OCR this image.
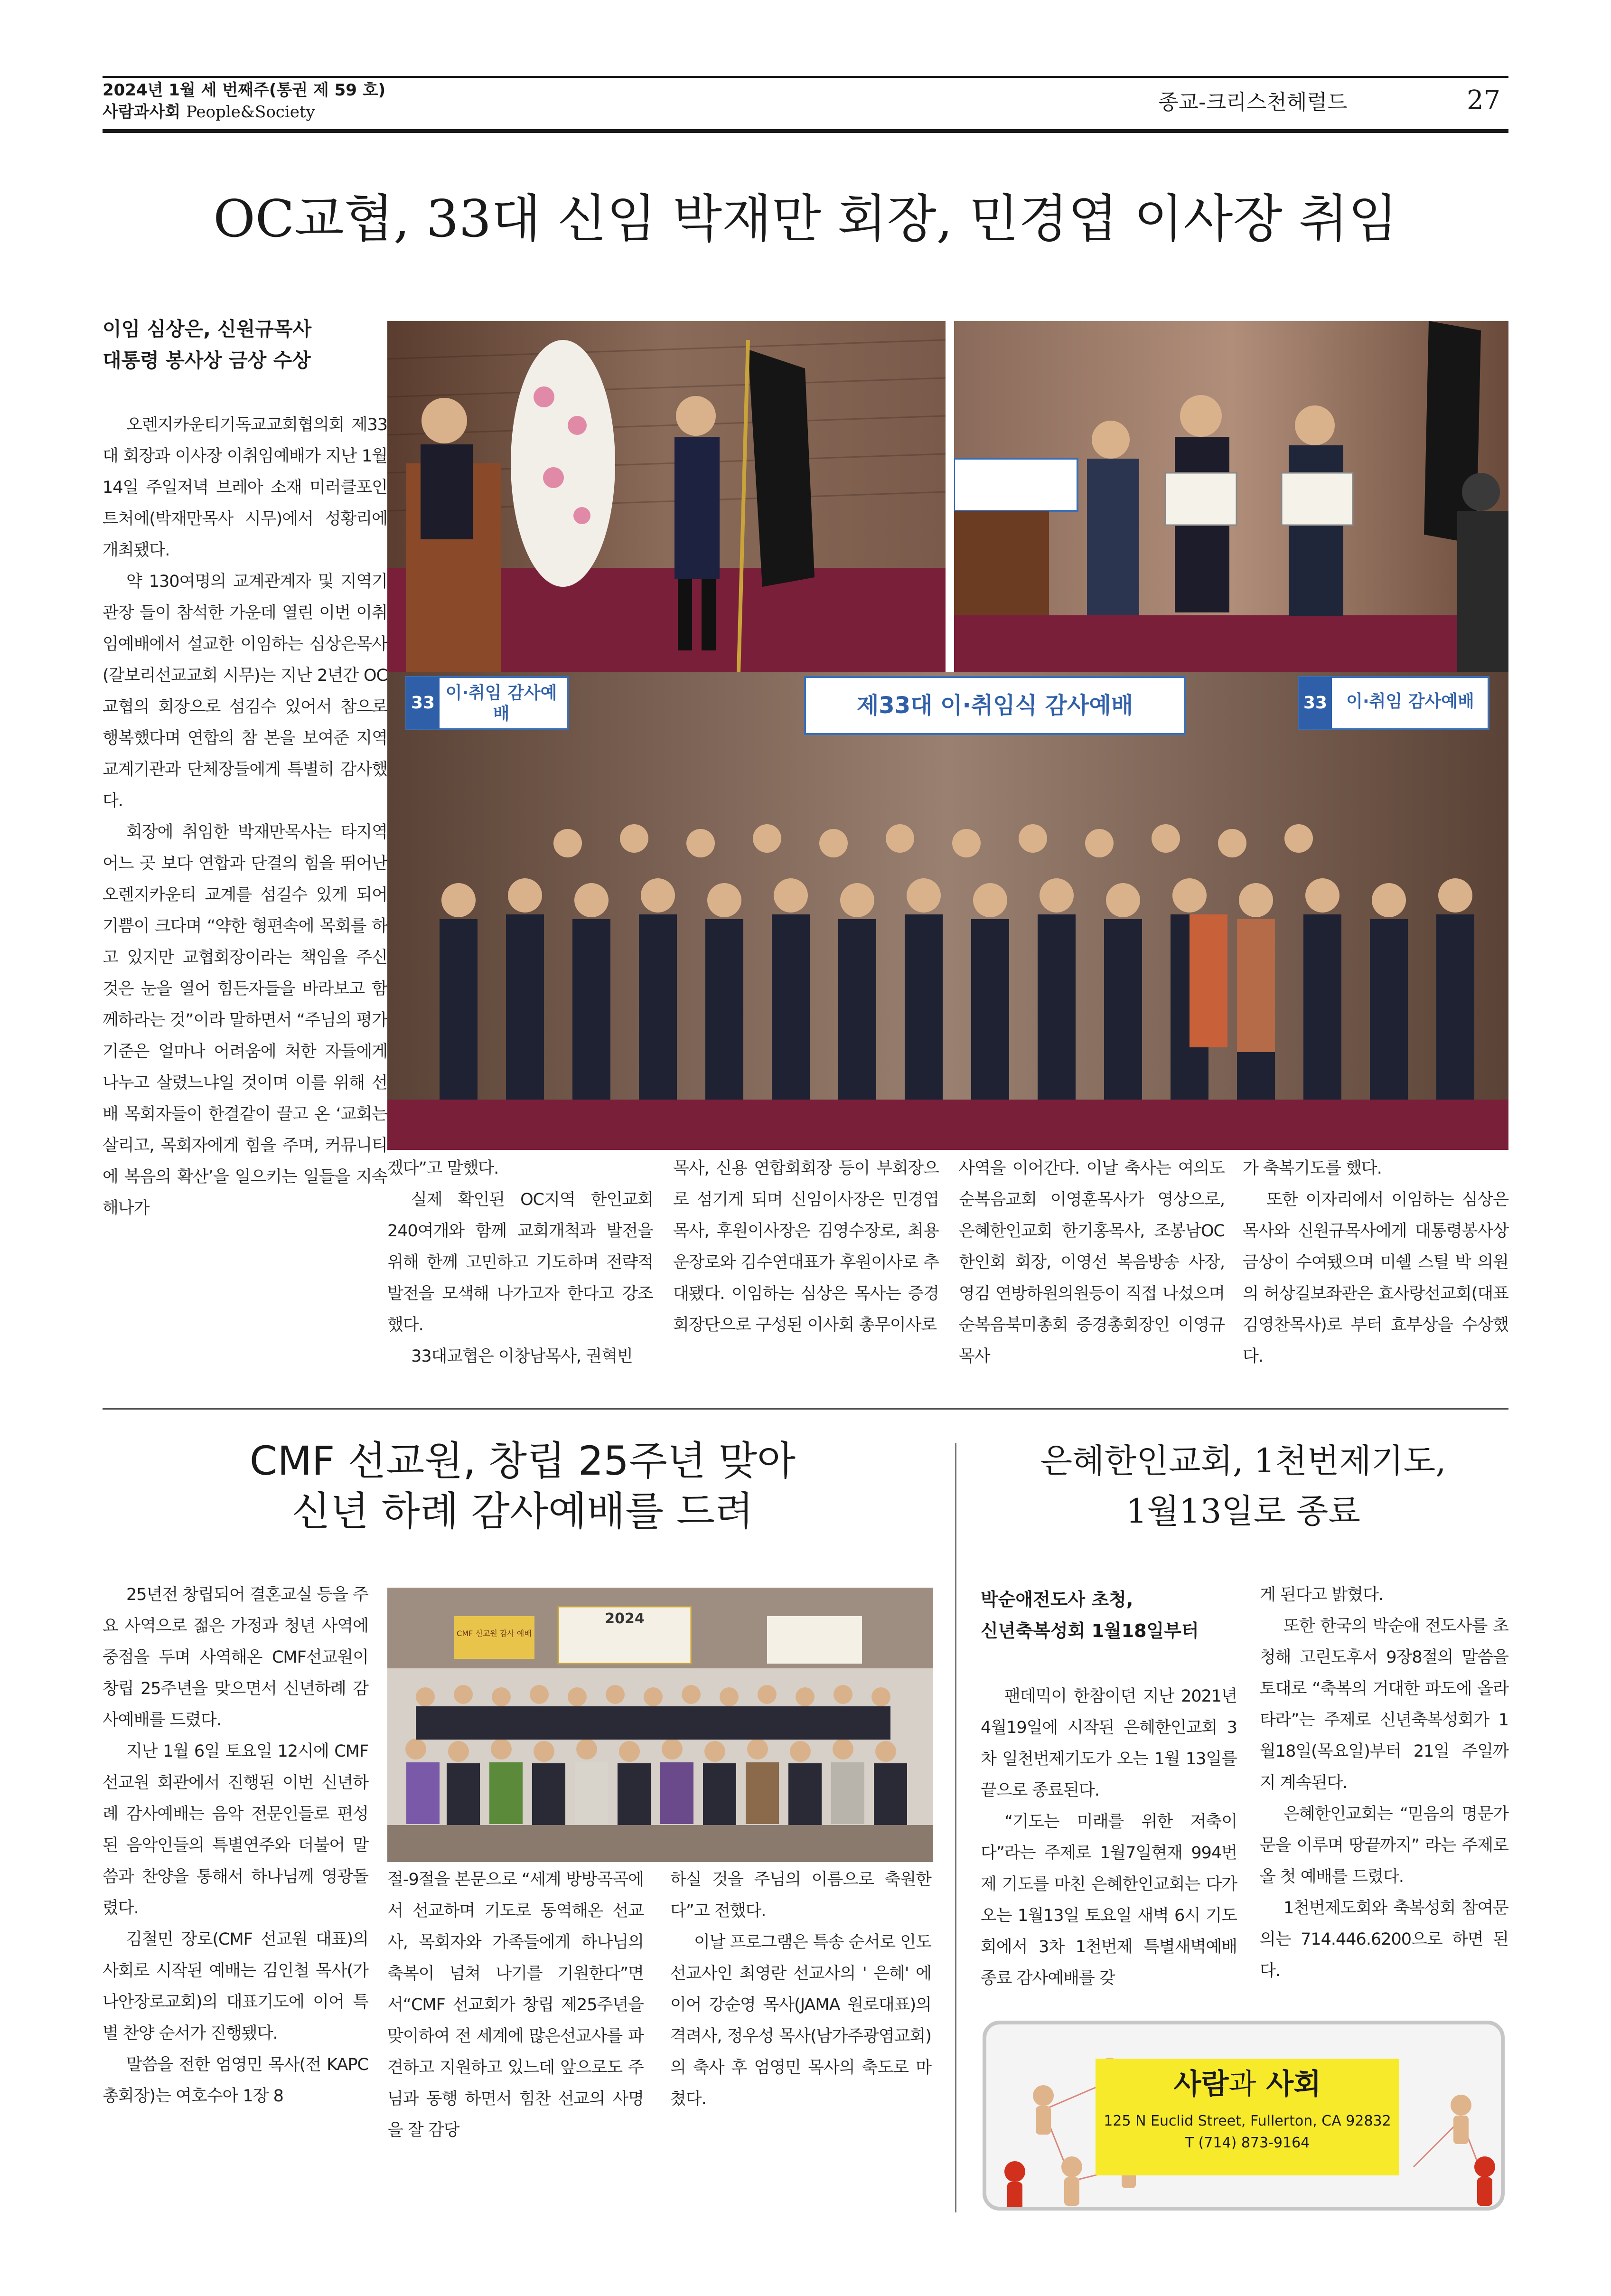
2024년 1월 세 번째주(통권 제 59 호)
사람과사회 People&Society	종교-크리스천헤럴드	27
OC교협, 33대 신임 박재만 회장, 민경엽 이사장 취임
이임 심상은, 신원규목사
대통령 봉사상 금상 수상

오렌지카운티기독교교회협의회 제33대 회장과 이사장 이취임예배가 지난 1월14일 주일저녁 브레아 소재 미러클포인트처에(박재만목사 시무)에서 성황리에 개최됐다.

약 130여명의 교계관계자 및 지역기관장 들이 참석한 가운데 열린 이번 이취임예배에서 설교한 이임하는 심상은목사(갈보리선교교회 시무)는 지난 2년간 OC교협의 회장으로 섬김수 있어서 참으로 행복했다며 연합의 참 본을 보여준 지역 교계기관과 단체장들에게 특별히 감사했다.

회장에 취임한 박재만목사는 타지역 어느 곳 보다 연합과 단결의 힘을 뛰어난 오렌지카운티 교계를 섬길수 있게 되어 기쁨이 크다며 “약한 형편속에 목회를 하고 있지만 교협회장이라는 책임을 주신 것은 눈을 열어 힘든자들을 바라보고 함께하라는 것”이라 말하면서 “주님의 평가기준은 얼마나 어려움에 처한 자들에게 나누고 살렸느냐일 것이며 이를 위해 선배 목회자들이 한결같이 끌고 온 ‘교회는 살리고, 목회자에게 힘을 주며, 커뮤니티에 복음의 확산’을 일으키는 일들을 지속해나가

이·취임 감사예배
33	제33대 이·취임식 감사예배	33	이·취임 감사예배

겠다”고 말했다.

실제 확인된 OC지역 한인교회 240여개와 함께 교회개척과 발전을 위해 한께 고민하고 기도하며 전략적 발전을 모색해 나가고자 한다고 강조했다.

33대교협은 이창남목사, 권혁빈

목사, 신용 연합회회장 등이 부회장으로 섬기게 되며 신임이사장은 민경엽 목사, 후원이사장은 김영수장로, 최용운장로와 김수연대표가 후원이사로 추대됐다. 이임하는 심상은 목사는 증경회장단으로 구성된 이사회 총무이사로

사역을 이어간다. 이날 축사는 여의도순복음교회 이영훈목사가 영상으로, 은혜한인교회 한기홍목사, 조봉남OC한인회 회장, 이영선 복음방송 사장, 영김 연방하원의원등이 직접 나섰으며 순복음북미총회 증경총회장인 이영규목사

가 축복기도를 했다.

또한 이자리에서 이임하는 심상은목사와 신원규목사에게 대통령봉사상 금상이 수여됐으며 미쉘 스틸 박 의원의 허상길보좌관은 효사랑선교회(대표 김영찬목사)로 부터 효부상을 수상했다.

CMF 선교원, 창립 25주년 맞아
신년 하례 감사예배를 드려

25년전 창립되어 결혼교실 등을 주요 사역으로 젊은 가정과 청년 사역에 중점을 두며 사역해온 CMF선교원이 창립 25주년을 맞으면서 신년하례 감사예배를 드렸다.

지난 1월 6일 토요일 12시에 CMF 선교원 회관에서 진행된 이번 신년하례 감사예배는 음악 전문인들로 편성된 음악인들의 특별연주와 더불어 말씀과 찬양을 통해서 하나님께 영광돌렸다.

김철민 장로(CMF 선교원 대표)의 사회로 시작된 예배는 김인철 목사(가나안장로교회)의 대표기도에 이어 특별 찬양 순서가 진행됐다.

말씀을 전한 엄영민 목사(전 KAPC 총회장)는 여호수아 1장 8

2024
CMF 선교원 감사 예배

절-9절을 본문으로 “세계 방방곡곡에서 선교하며 기도로 동역해온 선교사, 목회자와 가족들에게 하나님의 축복이 넘쳐 나기를 기원한다”면서“CMF 선교회가 창립 제25주년을 맞이하여 전 세계에 많은선교사를 파견하고 지원하고 있느데 앞으로도 주님과 동행 하면서 힘찬 선교의 사명을 잘 감당

하실 것을 주님의 이름으로 축원한다”고 전했다.

이날 프로그램은 특송 순서로 인도 선교사인 최영란 선교사의 ' 은혜' 에 이어 강순영 목사(JAMA 원로대표)의 격려사, 정우성 목사(남가주광염교회)의 축사 후 엄영민 목사의 축도로 마쳤다.

은혜한인교회, 1천번제기도,
1월13일로 종료
박순애전도사 초청,
신년축복성회 1월18일부터

팬데믹이 한참이던 지난 2021년 4월19일에 시작된 은혜한인교회 3차 일천번제기도가 오는 1월 13일를 끝으로 종료된다.

“기도는 미래를 위한 저축이다”라는 주제로 1월7일현재 994번제 기도를 마친 은혜한인교회는 다가오는 1월13일 토요일 새벽 6시 기도회에서 3차 1천번제 특별새벽예배 종료 감사예배를 갖

게 된다고 밝혔다.

또한 한국의 박순애 전도사를 초청해 고린도후서 9장8절의 말씀을 토대로 “축복의 거대한 파도에 올라타라”는 주제로 신년축복성회가 1월18일(목요일)부터 21일 주일까지 계속된다.

은혜한인교회는 “믿음의 명문가문을 이루며 땅끝까지” 라는 주제로 올 첫 예배를 드렸다.

1천번제도회와 축복성회 참여문의는 714.446.6200으로 하면 된다.

사람과 사회
125 N Euclid Street, Fullerton, CA 92832
T (714) 873-9164
